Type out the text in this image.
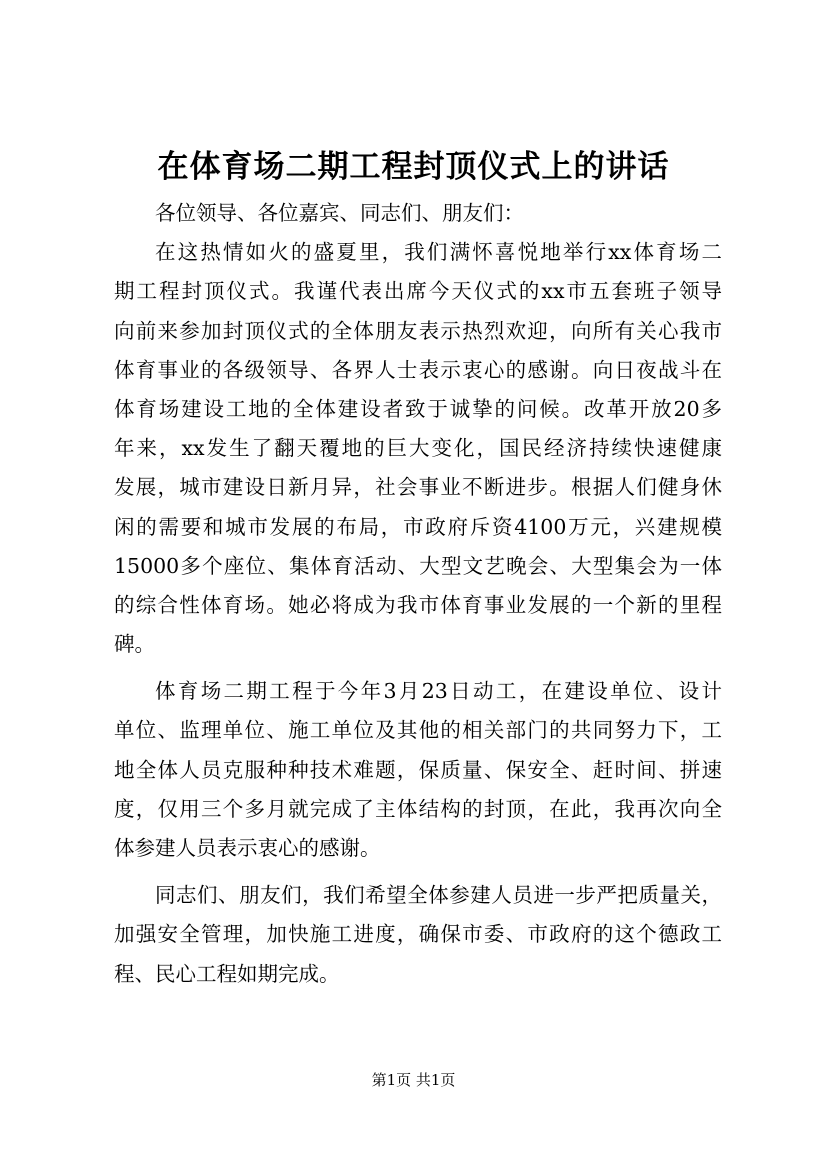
在体育场二期工程封顶仪式上的讲话
各位领导、各位嘉宾、同志们、朋友们：
在这热情如火的盛夏里，我们满怀喜悦地举行xx体育场二
期工程封顶仪式。我谨代表出席今天仪式的xx市五套班子领导
向前来参加封顶仪式的全体朋友表示热烈欢迎，向所有关心我市
体育事业的各级领导、各界人士表示衷心的感谢。向日夜战斗在
体育场建设工地的全体建设者致于诚挚的问候。改革开放20多
年来，xx发生了翻天覆地的巨大变化，国民经济持续快速健康
发展，城市建设日新月异，社会事业不断进步。根据人们健身休
闲的需要和城市发展的布局，市政府斥资4100万元，兴建规模
15000多个座位、集体育活动、大型文艺晚会、大型集会为一体
的综合性体育场。她必将成为我市体育事业发展的一个新的里程
碑。
体育场二期工程于今年3月23日动工，在建设单位、设计
单位、监理单位、施工单位及其他的相关部门的共同努力下，工
地全体人员克服种种技术难题，保质量、保安全、赶时间、拼速
度，仅用三个多月就完成了主体结构的封顶，在此，我再次向全
体参建人员表示衷心的感谢。
同志们、朋友们，我们希望全体参建人员进一步严把质量关，
加强安全管理，加快施工进度，确保市委、市政府的这个德政工
程、民心工程如期完成。
第1页 共1页
